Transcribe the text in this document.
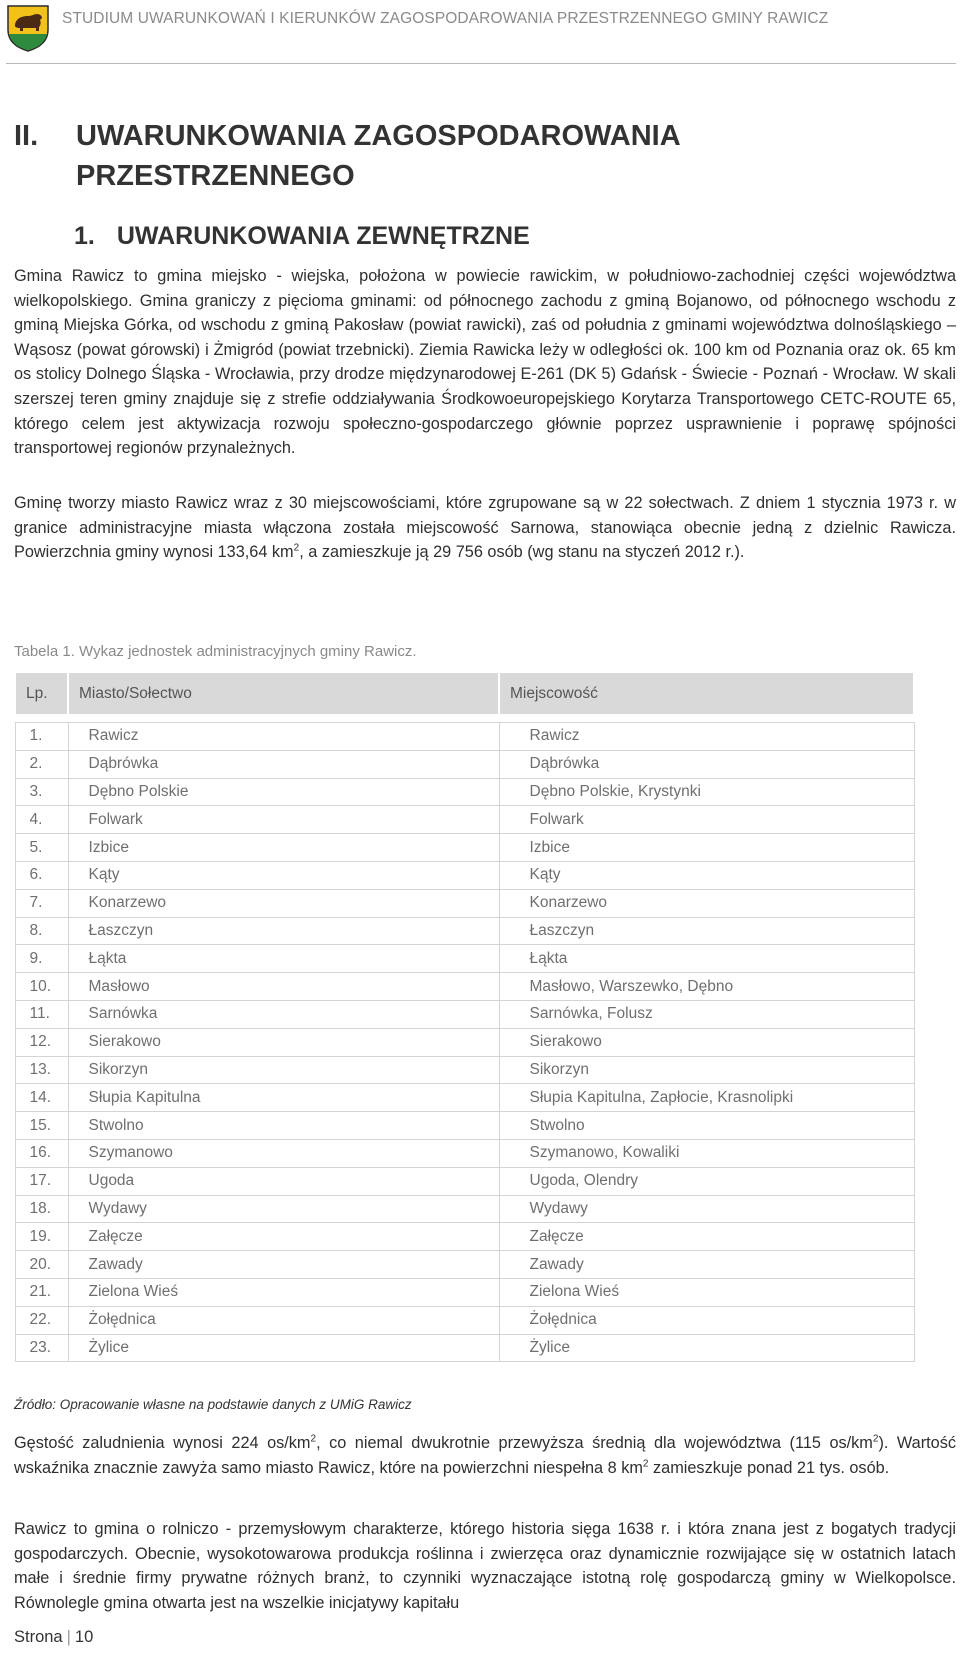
STUDIUM UWARUNKOWAŃ I KIERUNKÓW ZAGOSPODAROWANIA PRZESTRZENNEGO GMINY RAWICZ
II. UWARUNKOWANIA ZAGOSPODAROWANIA
PRZESTRZENNEGO
1. UWARUNKOWANIA ZEWNĘTRZNE
Gmina Rawicz to gmina miejsko - wiejska, położona w powiecie rawickim, w południowo-zachodniej części województwa wielkopolskiego. Gmina graniczy z pięcioma gminami: od północnego zachodu z gminą Bojanowo, od północnego wschodu z gminą Miejska Górka, od wschodu z gminą Pakosław (powiat rawicki), zaś od południa z gminami województwa dolnośląskiego – Wąsosz (powat górowski) i Żmigród (powiat trzebnicki). Ziemia Rawicka leży w odległości ok. 100 km od Poznania oraz ok. 65 km os stolicy Dolnego Śląska - Wrocławia, przy drodze międzynarodowej E-261 (DK 5) Gdańsk - Świecie - Poznań - Wrocław. W skali szerszej teren gminy znajduje się z strefie oddziaływania Środkowoeuropejskiego Korytarza Transportowego CETC-ROUTE 65, którego celem jest aktywizacja rozwoju społeczno-gospodarczego głównie poprzez usprawnienie i poprawę spójności transportowej regionów przynależnych.
Gminę tworzy miasto Rawicz wraz z 30 miejscowościami, które zgrupowane są w 22 sołectwach. Z dniem 1 stycznia 1973 r. w granice administracyjne miasta włączona została miejscowość Sarnowa, stanowiąca obecnie jedną z dzielnic Rawicza. Powierzchnia gminy wynosi 133,64 $km^2$, a zamieszkuje ją 29 756 osób (wg stanu na styczeń 2012 r.).
Tabela 1. Wykaz jednostek administracyjnych gminy Rawicz.
Lp.	Miasto/Sołectwo	Miejscowość

1.	Rawicz	Rawicz
2.	Dąbrówka	Dąbrówka
3.	Dębno Polskie	Dębno Polskie, Krystynki
4.	Folwark	Folwark
5.	Izbice	Izbice
6.	Kąty	Kąty
7.	Konarzewo	Konarzewo
8.	Łaszczyn	Łaszczyn
9.	Łąkta	Łąkta
10.	Masłowo	Masłowo, Warszewko, Dębno
11.	Sarnówka	Sarnówka, Folusz
12.	Sierakowo	Sierakowo
13.	Sikorzyn	Sikorzyn
14.	Słupia Kapitulna	Słupia Kapitulna, Zapłocie, Krasnolipki
15.	Stwolno	Stwolno
16.	Szymanowo	Szymanowo, Kowaliki
17.	Ugoda	Ugoda, Olendry
18.	Wydawy	Wydawy
19.	Załęcze	Załęcze
20.	Zawady	Zawady
21.	Zielona Wieś	Zielona Wieś
22.	Żołędnica	Żołędnica
23.	Żylice	Żylice
Źródło: Opracowanie własne na podstawie danych z UMiG Rawicz
Gęstość zaludnienia wynosi 224 $os/km^2$, co niemal dwukrotnie przewyższa średnią dla województwa (115 $os/km^2$). Wartość wskaźnika znacznie zawyża samo miasto Rawicz, które na powierzchni niespełna 8 $km^2$ zamieszkuje ponad 21 tys. osób.
Rawicz to gmina o rolniczo - przemysłowym charakterze, którego historia sięga 1638 r. i która znana jest z bogatych tradycji gospodarczych. Obecnie, wysokotowarowa produkcja roślinna i zwierzęca oraz dynamicznie rozwijające się w ostatnich latach małe i średnie firmy prywatne różnych branż, to czynniki wyznaczające istotną rolę gospodarczą gminy w Wielkopolsce. Równolegle gmina otwarta jest na wszelkie inicjatywy kapitału
Strona | 10
